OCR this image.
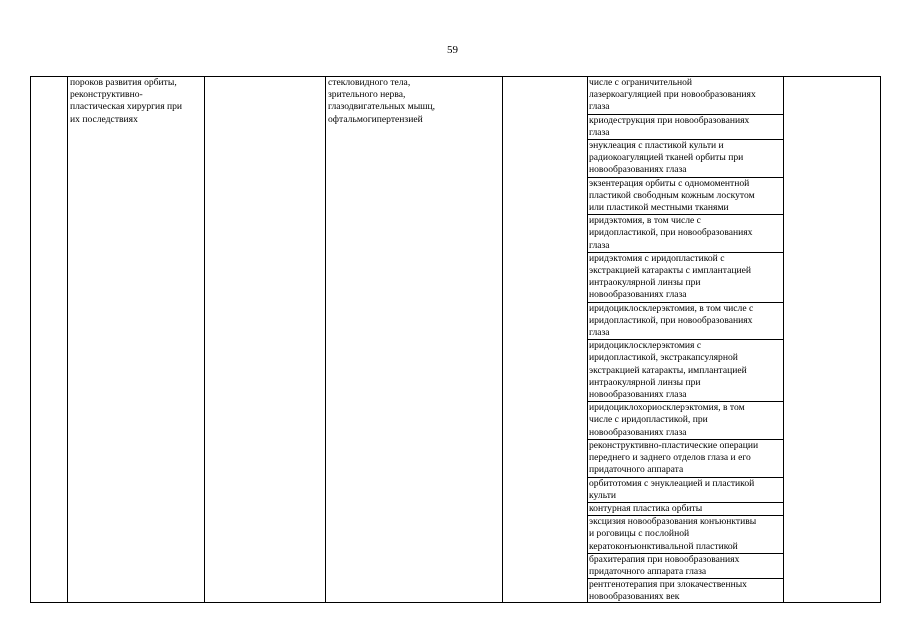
59
пороков развития орбиты,
реконструктивно-
пластическая хирургия при
их последствиях
стекловидного тела,
зрительного нерва,
глазодвигательных мышц,
офтальмогипертензией
числе с ограничительной
лазеркоагуляцией при новообразованиях
глаза
криодеструкция при новообразованиях
глаза
энуклеация с пластикой культи и
радиокоагуляцией тканей орбиты при
новообразованиях глаза
экзентерация орбиты с одномоментной
пластикой свободным кожным лоскутом
или пластикой местными тканями
иридэктомия, в том числе с
иридопластикой, при новообразованиях
глаза
иридэктомия с иридопластикой с
экстракцией катаракты с имплантацией
интраокулярной линзы при
новообразованиях глаза
иридоциклосклерэктомия, в том числе с
иридопластикой, при новообразованиях
глаза
иридоциклосклерэктомия с
иридопластикой, экстракапсулярной
экстракцией катаракты, имплантацией
интраокулярной линзы при
новообразованиях глаза
иридоциклохориосклерэктомия, в том
числе с иридопластикой, при
новообразованиях глаза
реконструктивно-пластические операции
переднего и заднего отделов глаза и его
придаточного аппарата
орбитотомия с энуклеацией и пластикой
культи
контурная пластика орбиты
эксцизия новообразования конъюнктивы
и роговицы с послойной
кератоконъюнктивальной пластикой
брахитерапия при новообразованиях
придаточного аппарата глаза
рентгенотерапия при злокачественных
новообразованиях век
